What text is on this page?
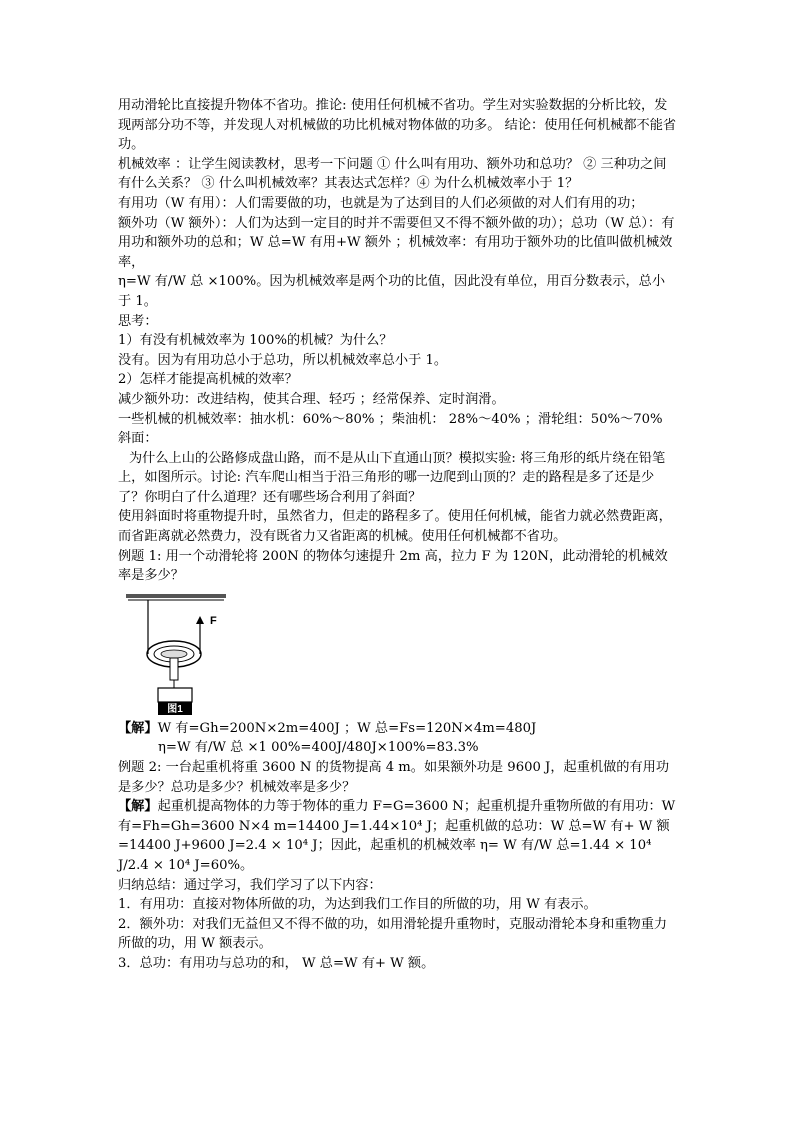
用动滑轮比直接提升物体不省功。推论: 使用任何机械不省功。学生对实验数据的分析比较，发现两部分功不等，并发现人对机械做的功比机械对物体做的功多。 结论：使用任何机械都不能省功。

机械效率 ：让学生阅读教材，思考一下问题 ① 什么叫有用功、额外功和总功？ ② 三种功之间有什么关系？ ③ 什么叫机械效率？其表达式怎样？④ 为什么机械效率小于 1？

有用功（W 有用）：人们需要做的功，也就是为了达到目的人们必须做的对人们有用的功；

额外功（W 额外）：人们为达到一定目的时并不需要但又不得不额外做的功）；总功（W 总）：有用功和额外功的总和；W 总=W 有用+W 额外 ；机械效率：有用功于额外功的比值叫做机械效率，

η=W 有/W 总 ×100%。因为机械效率是两个功的比值，因此没有单位，用百分数表示，总小于 1。

思考：

1）有没有机械效率为 100%的机械？为什么？

没有。因为有用功总小于总功，所以机械效率总小于 1。

2）怎样才能提高机械的效率？

减少额外功：改进结构，使其合理、轻巧 ；经常保养、定时润滑。

一些机械的机械效率：抽水机：60%～80% ；柴油机： 28%～40% ；滑轮组：50%～70%

斜面：

为什么上山的公路修成盘山路，而不是从山下直通山顶？模拟实验: 将三角形的纸片绕在铅笔上，如图所示。讨论: 汽车爬山相当于沿三角形的哪一边爬到山顶的？走的路程是多了还是少了？你明白了什么道理？还有哪些场合利用了斜面？

使用斜面时将重物提升时，虽然省力，但走的路程多了。使用任何机械，能省力就必然费距离，而省距离就必然费力，没有既省力又省距离的机械。使用任何机械都不省功。

例题 1: 用一个动滑轮将 200N 的物体匀速提升 2m 高，拉力 F 为 120N，此动滑轮的机械效率是多少？

F
图1

【解】W 有=Gh=200N×2m=400J ；W 总=Fs=120N×4m=480J

η=W 有/W 总 ×1 00%=400J/480J×100%=83.3%

例题 2: 一台起重机将重 3600 N 的货物提高 4 m。如果额外功是 9600 J，起重机做的有用功是多少？总功是多少？机械效率是多少？

【解】起重机提高物体的力等于物体的重力 F=G=3600 N；起重机提升重物所做的有用功：W 有=Fh=Gh=3600 N×4 m=14400 J=1.44×10⁴ J；起重机做的总功：W 总=W 有+ W 额=14400 J+9600 J=2.4 × 10⁴ J；因此，起重机的机械效率 η= W 有/W 总=1.44 × 10⁴ J/2.4 × 10⁴ J=60%。

归纳总结：通过学习，我们学习了以下内容：

1．有用功：直接对物体所做的功，为达到我们工作目的所做的功，用 W 有表示。

2．额外功：对我们无益但又不得不做的功，如用滑轮提升重物时，克服动滑轮本身和重物重力所做的功，用 W 额表示。

3．总功：有用功与总功的和， W 总=W 有+ W 额。
